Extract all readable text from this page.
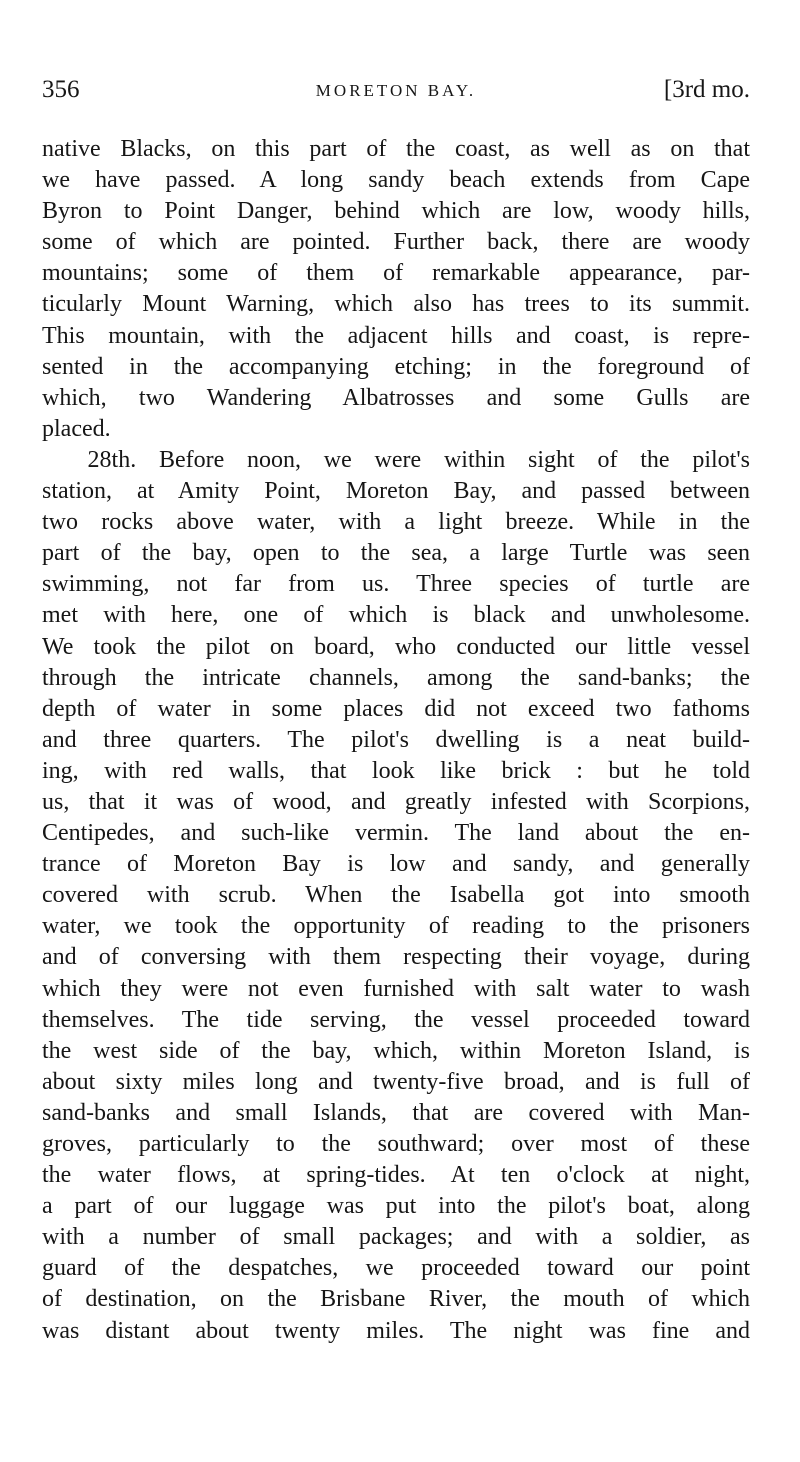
356	MORETON BAY.	[3rd mo.
native Blacks, on this part of the coast, as well as on that
we have passed. A long sandy beach extends from Cape
Byron to Point Danger, behind which are low, woody hills,
some of which are pointed. Further back, there are woody
mountains; some of them of remarkable appearance, par-
ticularly Mount Warning, which also has trees to its summit.
This mountain, with the adjacent hills and coast, is repre-
sented in the accompanying etching; in the foreground of
which, two Wandering Albatrosses and some Gulls are
placed.
28th. Before noon, we were within sight of the pilot's
station, at Amity Point, Moreton Bay, and passed between
two rocks above water, with a light breeze. While in the
part of the bay, open to the sea, a large Turtle was seen
swimming, not far from us. Three species of turtle are
met with here, one of which is black and unwholesome.
We took the pilot on board, who conducted our little vessel
through the intricate channels, among the sand-banks; the
depth of water in some places did not exceed two fathoms
and three quarters. The pilot's dwelling is a neat build-
ing, with red walls, that look like brick : but he told
us, that it was of wood, and greatly infested with Scorpions,
Centipedes, and such-like vermin. The land about the en-
trance of Moreton Bay is low and sandy, and generally
covered with scrub. When the Isabella got into smooth
water, we took the opportunity of reading to the prisoners
and of conversing with them respecting their voyage, during
which they were not even furnished with salt water to wash
themselves. The tide serving, the vessel proceeded toward
the west side of the bay, which, within Moreton Island, is
about sixty miles long and twenty-five broad, and is full of
sand-banks and small Islands, that are covered with Man-
groves, particularly to the southward; over most of these
the water flows, at spring-tides. At ten o'clock at night,
a part of our luggage was put into the pilot's boat, along
with a number of small packages; and with a soldier, as
guard of the despatches, we proceeded toward our point
of destination, on the Brisbane River, the mouth of which
was distant about twenty miles. The night was fine and
